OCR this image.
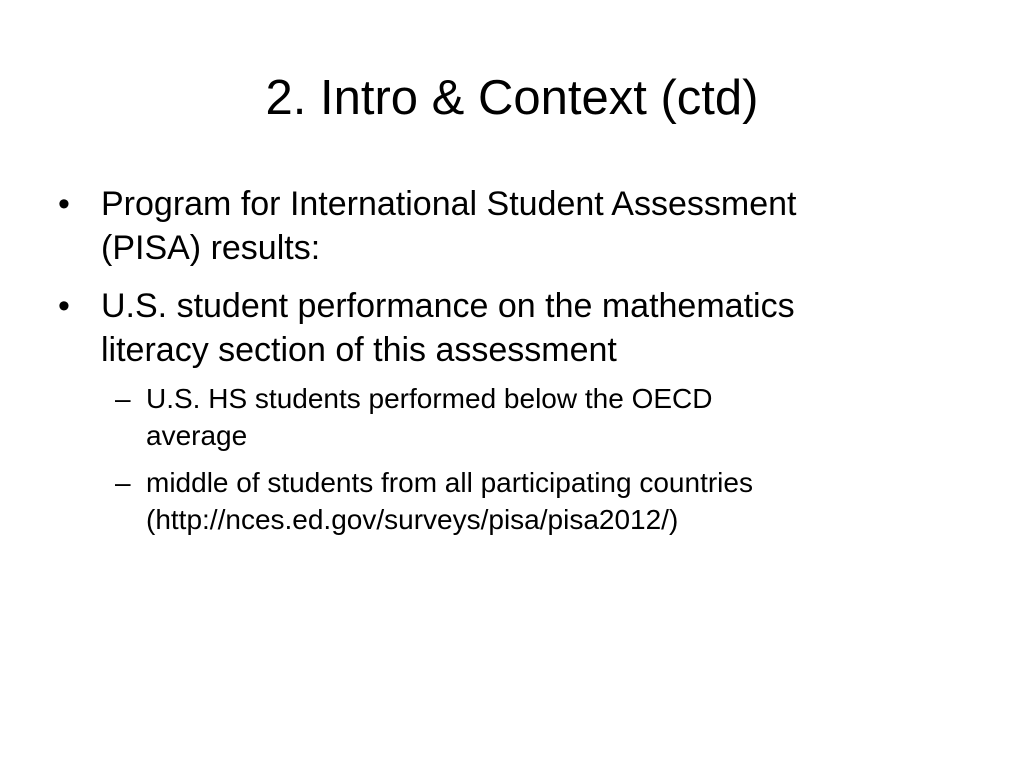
2. Intro & Context (ctd)
• Program for International Student Assessment
(PISA) results:
• U.S. student performance on the mathematics
literacy section of this assessment
– U.S. HS students performed below the OECD
average
– middle of students from all participating countries
(http://nces.ed.gov/surveys/pisa/pisa2012/)
